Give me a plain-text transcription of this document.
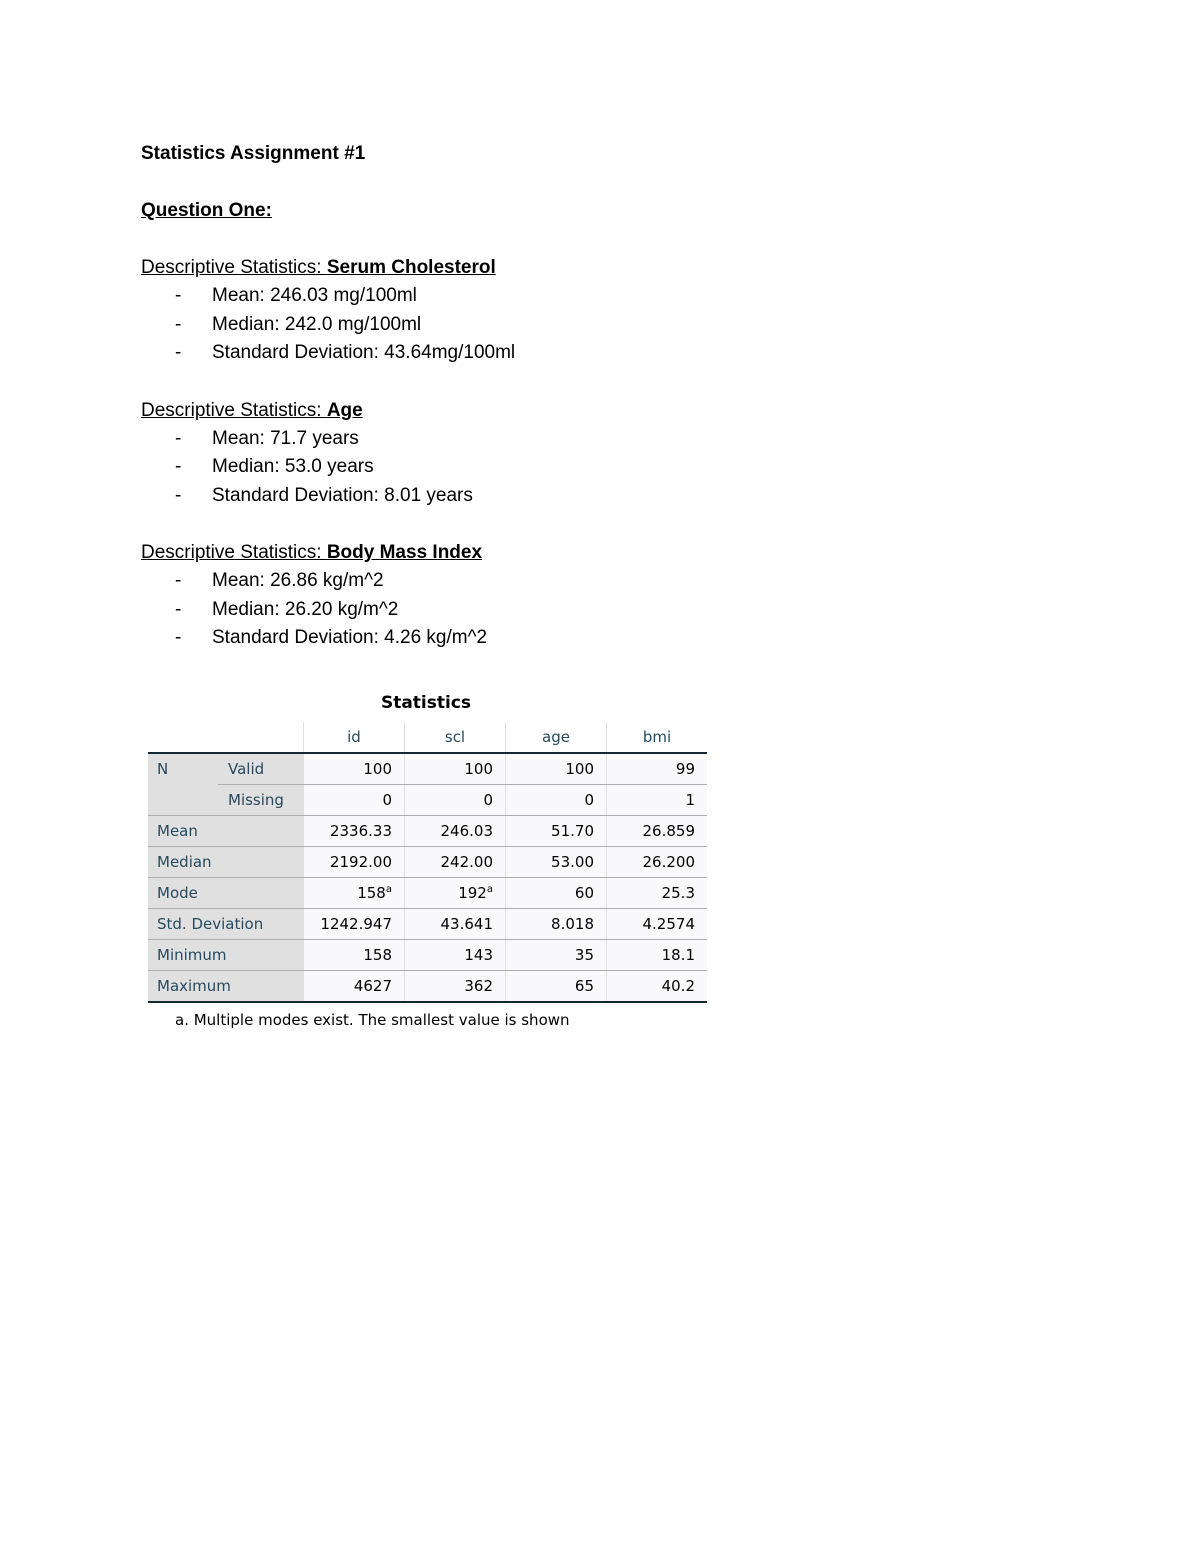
Statistics Assignment #1
Question One:
Descriptive Statistics: Serum Cholesterol
- Mean: 246.03 mg/100ml
- Median: 242.0 mg/100ml
- Standard Deviation: 43.64mg/100ml
Descriptive Statistics: Age
- Mean: 71.7 years
- Median: 53.0 years
- Standard Deviation: 8.01 years
Descriptive Statistics: Body Mass Index
- Mean: 26.86 kg/m^2
- Median: 26.20 kg/m^2
- Standard Deviation: 4.26 kg/m^2
Statistics
		id	scl	age	bmi
N	Valid	100	100	100	99
	Missing	0	0	0	1
Mean		2336.33	246.03	51.70	26.859
Median		2192.00	242.00	53.00	26.200
Mode		158$^a$	192$^a$	60	25.3
Std. Deviation		1242.947	43.641	8.018	4.2574
Minimum		158	143	35	18.1
Maximum		4627	362	65	40.2
a. Multiple modes exist. The smallest value is shown
